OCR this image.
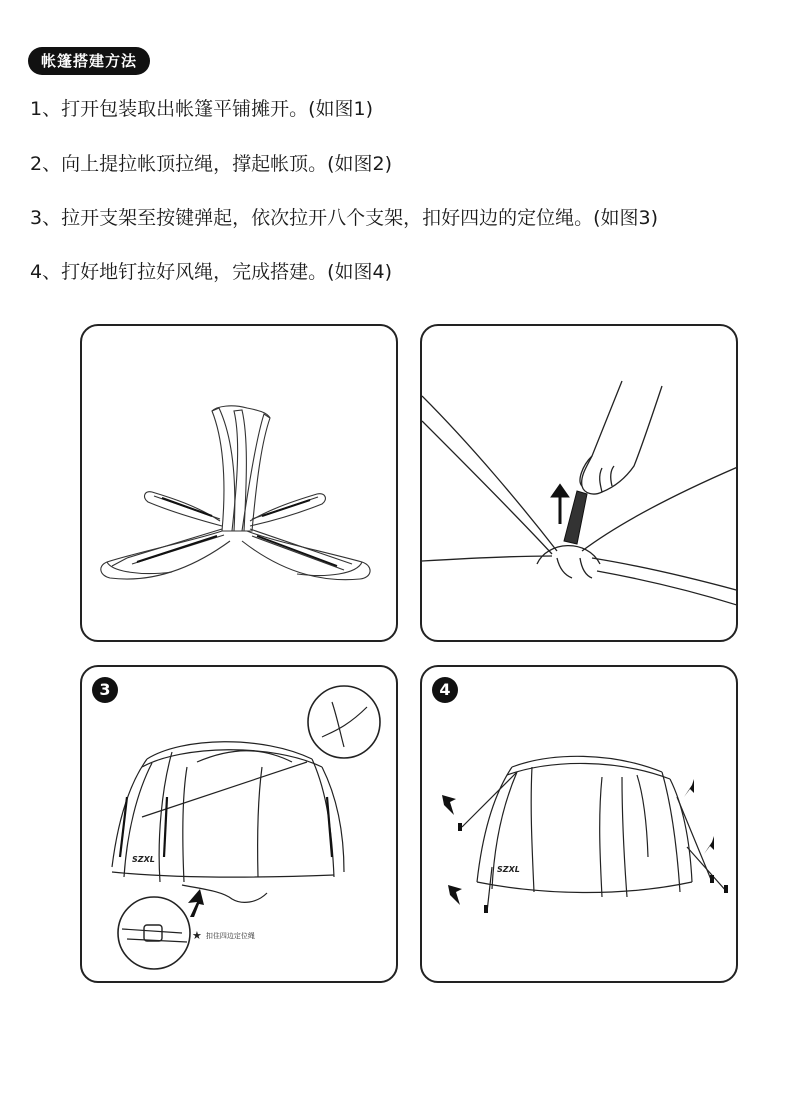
帐篷搭建方法
1、打开包装取出帐篷平铺摊开。(如图1)
2、向上提拉帐顶拉绳，撑起帐顶。(如图2)
3、拉开支架至按键弹起，依次拉开八个支架，扣好四边的定位绳。(如图3)
4、打好地钉拉好风绳，完成搭建。(如图4)
3
SZXL
★ 扣住四边定位绳
4
SZXL
